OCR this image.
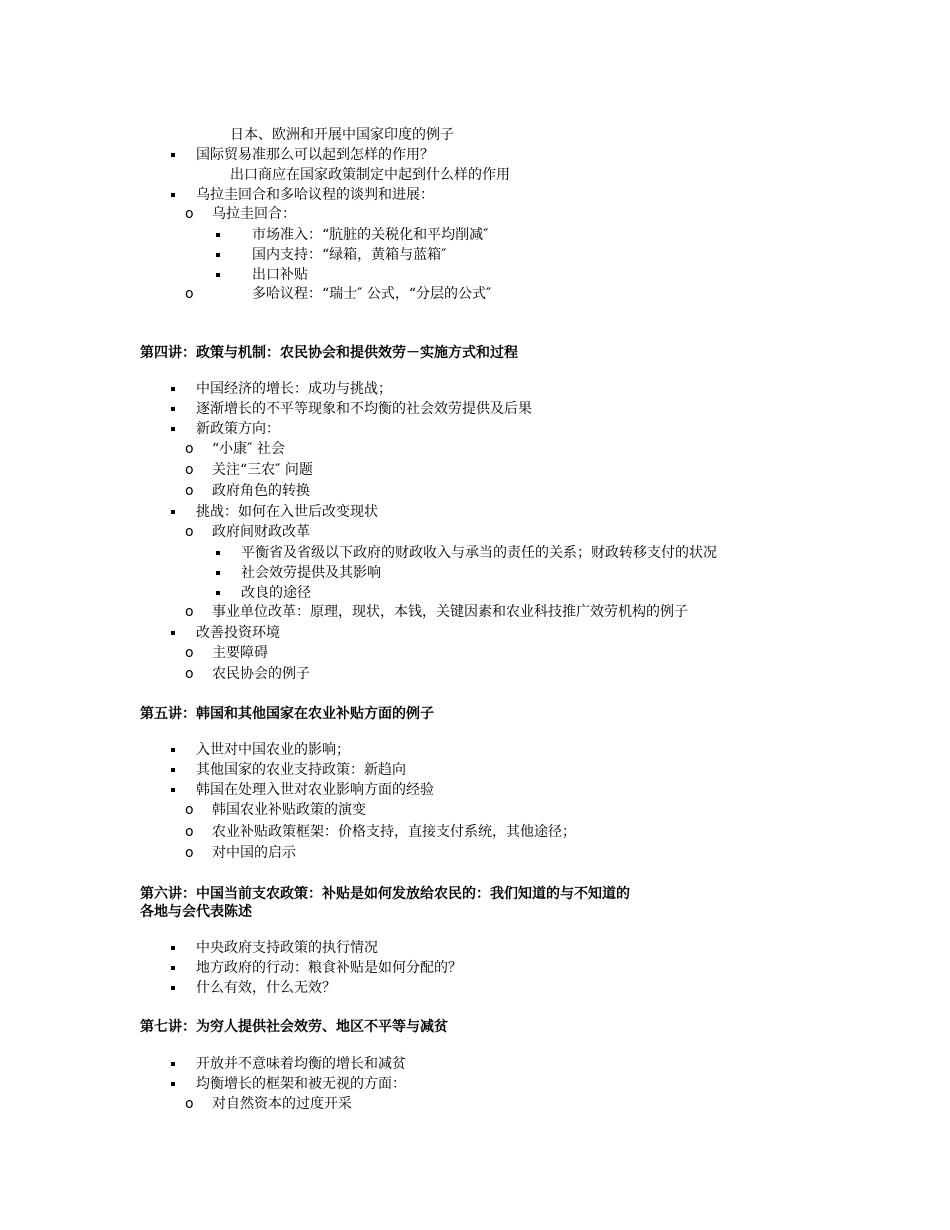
日本、欧洲和开展中国家印度的例子
国际贸易准那么可以起到怎样的作用？
出口商应在国家政策制定中起到什么样的作用
乌拉圭回合和多哈议程的谈判和进展：
o 乌拉圭回合：
市场准入：“肮脏的关税化和平均削减″
国内支持：“绿箱，黄箱与蓝箱″
出口补贴
o	多哈议程：“瑞士″ 公式，“分层的公式″
第四讲：政策与机制：农民协会和提供效劳－实施方式和过程
中国经济的增长：成功与挑战；
逐渐增长的不平等现象和不均衡的社会效劳提供及后果
新政策方向：
o “小康″ 社会
o 关注“三农″ 问题
o 政府角色的转换
挑战：如何在入世后改变现状
o 政府间财政改革
平衡省及省级以下政府的财政收入与承当的责任的关系；财政转移支付的状况
社会效劳提供及其影响
改良的途径
o 事业单位改革：原理，现状，本钱，关键因素和农业科技推广效劳机构的例子
改善投资环境
o 主要障碍
o 农民协会的例子
第五讲：韩国和其他国家在农业补贴方面的例子
入世对中国农业的影响；
其他国家的农业支持政策：新趋向
韩国在处理入世对农业影响方面的经验
o 韩国农业补贴政策的演变
o 农业补贴政策框架：价格支持，直接支付系统，其他途径；
o 对中国的启示
第六讲：中国当前支农政策：补贴是如何发放给农民的：我们知道的与不知道的
各地与会代表陈述
中央政府支持政策的执行情况
地方政府的行动：粮食补贴是如何分配的？
什么有效，什么无效？
第七讲：为穷人提供社会效劳、地区不平等与减贫
开放并不意味着均衡的增长和减贫
均衡增长的框架和被无视的方面：
o 对自然资本的过度开采
